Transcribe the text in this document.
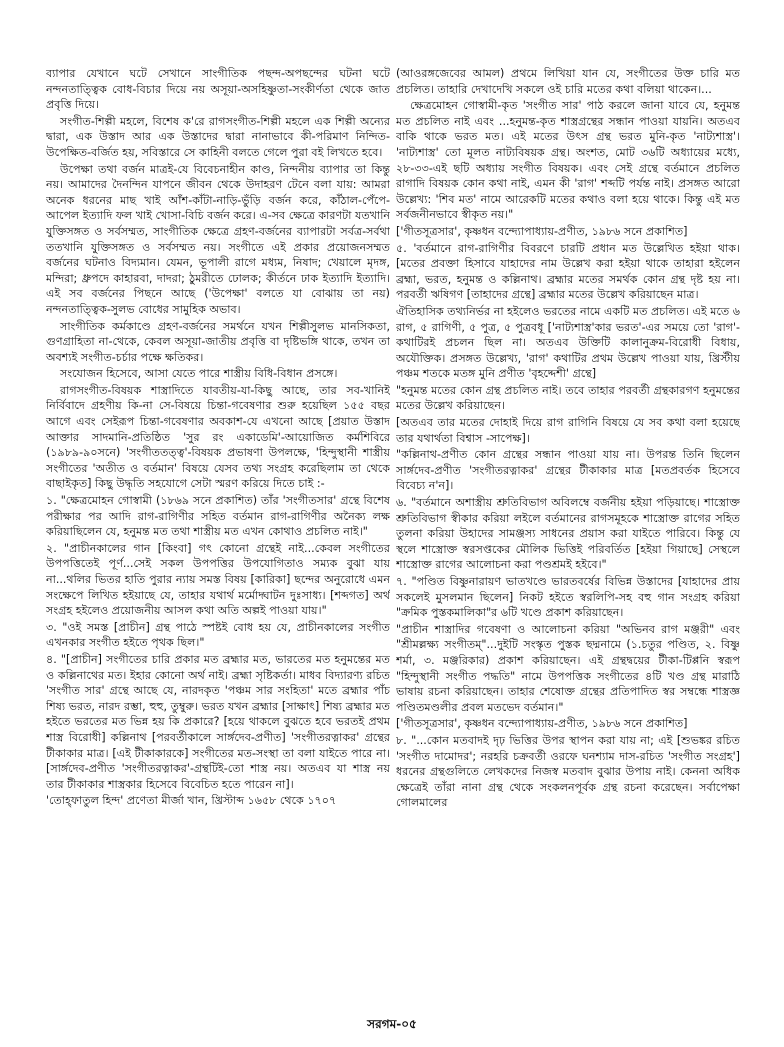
ব্যাপার যেখানে ঘটে সেখানে সাংগীতিক পছন্দ-অপছন্দের ঘটনা ঘটে নন্দনতাত্ত্বিক বোধ-বিচার দিয়ে নয় অসূয়া-অসহিষ্ণুতা-সংকীর্ণতা থেকে জাত প্রবৃত্তি দিয়ে।

সংগীত-শিল্পী মহলে, বিশেষ ক'রে রাগসংগীত-শিল্পী মহলে এক শিল্পী অন্যের দ্বারা, এক উস্তাদ আর এক উস্তাদের দ্বারা নানাভাবে কী-পরিমাণ নিন্দিত-উপেক্ষিত-বর্জিত হয়, সবিস্তারে সে কাহিনী বলতে গেলে পুরা বই লিখতে হবে।

উপেক্ষা তথা বর্জন মাত্রই-যে বিবেচনাহীন কাণ্ড, নিন্দনীয় ব্যাপার তা কিন্তু নয়। আমাদের দৈনন্দিন যাপনে জীবন থেকে উদাহরণ টেনে বলা যায়: আমরা অনেক ধরনের মাছ খাই আঁশ-কাঁটা-নাড়ি-ভুঁড়ি বর্জন করে, কাঁঠাল-পেঁপে-আপেল ইত্যাদি ফল খাই খোসা-বিচি বর্জন করে। এ-সব ক্ষেত্রে কারণটা যতখানি যুক্তিসঙ্গত ও সর্বসম্মত, সাংগীতিক ক্ষেত্রে গ্রহণ-বর্জনের ব্যাপারটা সর্বত্র-সর্বথা ততখানি যুক্তিসঙ্গত ও সর্বসম্মত নয়। সংগীতে এই প্রকার প্রয়োজনসম্মত বর্জনের ঘটনাও বিদ্যমান। যেমন, ভূপালী রাগে মধ্যম, নিষাদ; খেয়ালে মৃদঙ্গ, মন্দিরা; ধ্রুপদে কাহারবা, দাদরা; ঠুমরীতে ঢোলক; কীর্তনে ঢাক ইত্যাদি ইত্যাদি। এই সব বর্জনের পিছনে আছে ('উপেক্ষা' বলতে যা বোঝায় তা নয়) নন্দনতাত্ত্বিক-সুলভ বোধের সামুহিক অভাব।

সাংগীতিক কর্মকাণ্ডে গ্রহণ-বর্জনের সমর্থনে যখন শিল্পীসুলভ মানসিকতা, গুণগ্রাহিতা না-থেকে, কেবল অসূয়া-জাতীয় প্রবৃত্তি বা দৃষ্টিভঙ্গি থাকে, তখন তা অবশ্যই সংগীত-চর্চার পক্ষে ক্ষতিকর।

সংযোজন হিসেবে, আসা যেতে পারে শাস্ত্রীয় বিধি-বিধান প্রসঙ্গে।

রাগসংগীত-বিষয়ক শাস্ত্রাদিতে যাবতীয়-যা-কিছু আছে, তার সব-খানিই নির্বিবাদে গ্রহণীয় কি-না সে-বিষয়ে চিন্তা-গবেষণার শুরু হয়েছিল ১৫৫ বছর আগে এবং সেইরূপ চিন্তা-গবেষণার অবকাশ-যে এখনো আছে [প্রয়াত উস্তাদ আক্তার সাদমানি-প্রতিষ্ঠিত 'সুর রং একাডেমি'-আয়োজিত কর্মশিবিরে (১৯৮৯-৯০সনে) 'সংগীততত্ত্ব'-বিষয়ক প্রভাষণা উপলক্ষে, 'হিন্দুস্থানী শাস্ত্রীয় সংগীতের 'অতীত ও বর্তমান' বিষয়ে যেসব তথ্য সংগ্রহ করেছিলাম তা থেকে বাছাইকৃত] কিছু উদ্ধৃতি সহযোগে সেটা স্মরণ করিয়ে দিতে চাই :-

১. "ক্ষেত্রমোহন গোস্বামী (১৮৬৯ সনে প্রকাশিত) তাঁর 'সংগীতসার' গ্রন্থে বিশেষ পরীক্ষার পর আদি রাগ-রাগিণীর সহিত বর্তমান রাগ-রাগিণীর অনৈক্য লক্ষ করিয়াছিলেন যে, হনুমন্ত মত তথা শাস্ত্রীয় মত এখন কোথাও প্রচলিত নাই।"

২. "প্রাচীনকালের গান [কিংবা] গৎ কোনো গ্রন্থেই নাই...কেবল সংগীতের উপপত্তিতেই পূর্ণ...সেই সকল উপপত্তির উপযোগিতাও সম্যক বুঝা যায় না...থলির ভিতর হাতি পুরার ন্যায় সমস্ত বিষয় [কারিকা] ছন্দের অনুরোধে এমন সংক্ষেপে লিখিত হইয়াছে যে, তাহার যথার্থ মর্মোদ্ঘাটন দুঃসাধ্য। [শব্দগত] অর্থ সংগ্রহ হইলেও প্রয়োজনীয় আসল কথা অতি অল্পই পাওয়া যায়।"

৩. "ওই সমস্ত [প্রাচীন] গ্রন্থ পাঠে স্পষ্টই বোধ হয় যে, প্রাচীনকালের সংগীত এখনকার সংগীত হইতে পৃথক ছিল।"

৪. "[প্রাচীন] সংগীতের চারি প্রকার মত ব্রহ্মার মত, ভারতের মত হনুমন্তের মত ও কল্লিনাথের মত। ইহার কোনো অর্থ নাই। ব্রহ্মা সৃষ্টিকর্তা। মাধব বিদ্যারণ্য রচিত 'সংগীত সার' গ্রন্থে আছে যে, নারদকৃত 'পঞ্চম সার সংহিতা' মতে ব্রহ্মার পাঁচ শিষ্য ভরত, নারদ রম্ভা, হুহু, তুম্বুরু। ভরত যখন ব্রহ্মার [সাক্ষাৎ] শিষ্য ব্রহ্মার মত হইতে ভরতের মত ভিন্ন হয় কি প্রকারে? [হয়ে থাকলে বুঝতে হবে ভরতই প্রথম শাস্ত্র বিরোধী] কল্লিনাথ [পরবর্তীকালে সার্ঙ্গদেব-প্রণীত] 'সংগীতরত্নাকর' গ্রন্থের টীকাকার মাত্র। [এই টীকাকারকে] সংগীতের মত-সংস্থা তা বলা যাইতে পারে না। [সার্ঙ্গদেব-প্রণীত 'সংগীতরত্নাকর'-গ্রন্থটিই-তো শাস্ত্র নয়। অতএব যা শাস্ত্র নয় তার টীকাকার শাস্ত্রকার হিসেবে বিবেচিত হতে পারেন না]।

'তোহ্‌ফাতুল হিন্দ' প্রণেতা মীর্জা খান, খ্রিস্টাব্দ ১৬৫৮ থেকে ১৭০৭

(আওরঙ্গজেবের আমল) প্রথমে লিখিয়া যান যে, সংগীতের উক্ত চারি মত প্রচলিত। তাহারি দেখাদেখি সকলে ওই চারি মতের কথা বলিয়া থাকেন।...

ক্ষেত্রমোহন গোস্বামী-কৃত 'সংগীত সার' পাঠ করলে জানা যাবে যে, হনুমন্ত মত প্রচলিত নাই এবং ...হনুমন্ত-কৃত শাস্ত্রগ্রন্থের সন্ধান পাওয়া যায়নি। অতএব বাকি থাকে ভরত মত। এই মতের উৎস গ্রন্থ ভরত মুনি-কৃত 'নাট্যশাস্ত্র'। 'নাট্যশাস্ত্র' তো মূলত নাট্যবিষয়ক গ্রন্থ। অংশত, মোট ৩৬টি অধ্যায়ের মধ্যে, ২৮-৩৩-এই ছটি অধ্যায় সংগীত বিষয়ক। এবং সেই গ্রন্থে বর্তমানে প্রচলিত রাগাদি বিষয়ক কোন কথা নাই, এমন কী 'রাগ' শব্দটি পর্যন্ত নাই। প্রসঙ্গত আরো উল্লেখ্য: 'শিব মত' নামে আরেকটি মতের কথাও বলা হয়ে থাকে। কিন্তু এই মত সর্বজনীনভাবে স্বীকৃত নয়।"

['গীতসূত্রসার', কৃষ্ণধন বন্দ্যোপাধ্যায়-প্রণীত, ১৯৮৬ সনে প্রকাশিত]

৫. 'বর্তমানে রাগ-রাগিণীর বিবরণে চারটি প্রধান মত উল্লেখিত হইয়া থাক।[মতের প্রবক্তা হিসাবে যাহাদের নাম উল্লেখ করা হইয়া থাকে তাহারা হইলেন ব্রহ্মা, ভরত, হনুমন্ত ও কল্লিনাথ। ব্রহ্মার মতের সমর্থক কোন গ্রন্থ দৃষ্ট হয় না। পরবর্তী ঋষিগণ [তাহাদের গ্রন্থে] ব্রহ্মার মতের উল্লেখ করিয়াছেন মাত্র।

ঐতিহাসিক তথ্যনির্ভর না হইলেও ভরতের নামে একটি মত প্রচলিত। এই মতে ৬ রাগ, ৫ রাগিণী, ৫ পুত্র, ৫ পুত্রবধূ ['নাট্যশাস্ত্র'কার ভরত'-এর সময়ে তো 'রাগ'-কথাটিরই প্রচলন ছিল না। অতএব উক্তিটি কালানুক্রম-বিরোধী বিধায়, অযৌক্তিক। প্রসঙ্গত উল্লেখ্য, 'রাগ' কথাটির প্রথম উল্লেখ পাওয়া যায়, খ্রিস্টীয় পঞ্চম শতকে মতঙ্গ মুনি প্রণীত 'বৃহদ্দেশী' গ্রন্থে]

"হনুমন্ত মতের কোন গ্রন্থ প্রচলিত নাই। তবে তাহার পরবর্তী গ্রন্থকারগণ হনুমন্তের মতের উল্লেখ করিয়াছেন।

[অতএব তার মতের দোহাই দিয়ে রাগ রাগিনি বিষয়ে যে সব কথা বলা হয়েছে তার যথার্থতা বিশ্বাস -সাপেক্ষ]।

"কল্লিনাথ-প্রণীত কোন গ্রন্থের সন্ধান পাওয়া যায় না। উপরন্ত তিনি ছিলেন সার্ঙ্গদেব-প্রণীত 'সংগীতরত্নাকর' গ্রন্থের টীকাকার মাত্র [মতপ্রবর্তক হিসেবে বিবেচ্য ন'ন]।

৬. "বর্তমানে অশাস্ত্রীয় শ্রুতিবিভাগ অবিলম্বে বর্জনীয় হইয়া পড়িয়াছে। শাস্ত্রোক্ত শ্রুতিবিভাগ স্বীকার করিয়া লইলে বর্তমানের রাগসমূহকে শাস্ত্রোক্ত রাগের সহিত তুলনা করিয়া উহাদের সামঞ্জস্য সাধনের প্রয়াস করা যাইতে পারিবে। কিন্তু যে স্থলে শাস্ত্রোক্ত স্বরসপ্তকের মৌলিক ভিত্তিই পরিবর্তিত [হইয়া গিয়াছে] সেস্থলে শাস্ত্রোক্ত রাগের আলোচনা করা পণ্ডশ্রমই হইবে।"

৭. "পণ্ডিত বিষ্ণুনারায়ণ ভাতখণ্ডে ভারতবর্ষের বিভিন্ন উস্তাদের [যাহাদের প্রায় সকলেই মুসলমান ছিলেন] নিকট হইতে স্বরলিপি-সহ বহু গান সংগ্রহ করিয়া "ক্রমিক পুস্তকমালিকা"র ৬টি খণ্ডে প্রকাশ করিয়াছেন।

"প্রাচীন শাস্ত্রাদির গবেষণা ও আলোচনা করিয়া "অভিনব রাগ মঞ্জরী" এবং "শ্রীমল্লক্ষ্য সংগীতম্"...দুইটি সংস্কৃত পুস্তক ছদ্মনামে (১.চতুর পণ্ডিত, ২. বিষ্ণু শর্মা, ৩. মঞ্জরিকার) প্রকাশ করিয়াছেন। এই গ্রন্থদ্বয়ের টীকা-টিপ্পনি স্বরূপ "হিন্দুস্থানী সংগীত পদ্ধতি" নামে উপপত্তিক সংগীতের ৪টি খণ্ড গ্রন্থ মারাঠি ভাষায় রচনা করিয়াছেন। তাহার শেষোক্ত গ্রন্থের প্রতিপাদিত স্বর সম্বন্ধে শাস্ত্রজ্ঞ পণ্ডিতমণ্ডলীর প্রবল মতভেদ বর্তমান।"

['গীতসূত্রসার', কৃষ্ণধন বন্দ্যোপাধ্যায়-প্রণীত, ১৯৮৬ সনে প্রকাশিত]

৮. "...কোন মতবাদই দৃঢ় ভিত্তির উপর স্থাপন করা যায় না; এই [শুভঙ্কর রচিত 'সংগীত দামোদর'; নরহরি চক্রবর্তী ওরফে ঘনশ্যাম দাস-রচিত 'সংগীত সংগ্রহ'] ধরনের গ্রন্থগুলিতে লেখকদের নিজস্ব মতবাদ বুঝার উপায় নাই। কেননা অধিক ক্ষেত্রেই তাঁরা নানা গ্রন্থ থেকে সংকলনপূর্বক গ্রন্থ রচনা করেছেন। সর্বাপেক্ষা গোলমালের

সরগম-০৫
